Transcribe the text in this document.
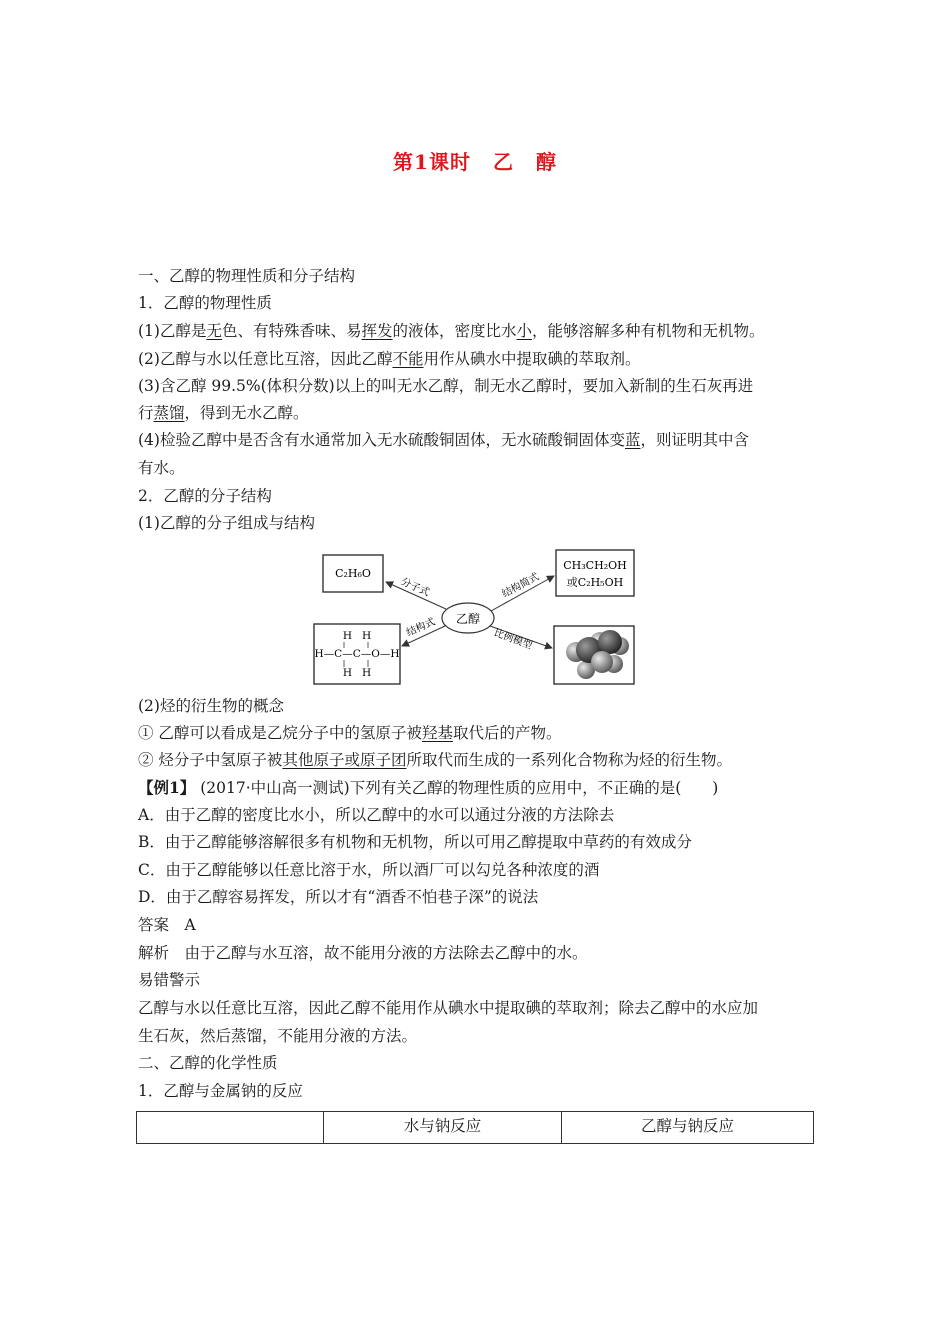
第1课时 乙 醇
一、乙醇的物理性质和分子结构
1．乙醇的物理性质
(1)乙醇是无色、有特殊香味、易挥发的液体，密度比水小，能够溶解多种有机物和无机物。
(2)乙醇与水以任意比互溶，因此乙醇不能用作从碘水中提取碘的萃取剂。
(3)含乙醇 99.5%(体积分数)以上的叫无水乙醇，制无水乙醇时，要加入新制的生石灰再进
行蒸馏，得到无水乙醇。
(4)检验乙醇中是否含有水通常加入无水硫酸铜固体，无水硫酸铜固体变蓝，则证明其中含
有水。
2．乙醇的分子结构
(1)乙醇的分子组成与结构
C₂H₆O
CH₃CH₂OH
或C₂H₅OH
H   H
H—C—C—O—H
H   H
乙醇
分子式	结构简式
结构式	比例模型
(2)烃的衍生物的概念
① 乙醇可以看成是乙烷分子中的氢原子被羟基取代后的产物。
② 烃分子中氢原子被其他原子或原子团所取代而生成的一系列化合物称为烃的衍生物。
【例1】 (2017·中山高一测试)下列有关乙醇的物理性质的应用中，不正确的是(　　)
A．由于乙醇的密度比水小，所以乙醇中的水可以通过分液的方法除去
B．由于乙醇能够溶解很多有机物和无机物，所以可用乙醇提取中草药的有效成分
C．由于乙醇能够以任意比溶于水，所以酒厂可以勾兑各种浓度的酒
D．由于乙醇容易挥发，所以才有“酒香不怕巷子深”的说法
答案　A
解析　由于乙醇与水互溶，故不能用分液的方法除去乙醇中的水。
易错警示
乙醇与水以任意比互溶，因此乙醇不能用作从碘水中提取碘的萃取剂；除去乙醇中的水应加
生石灰，然后蒸馏，不能用分液的方法。
二、乙醇的化学性质
1．乙醇与金属钠的反应
	水与钠反应	乙醇与钠反应
